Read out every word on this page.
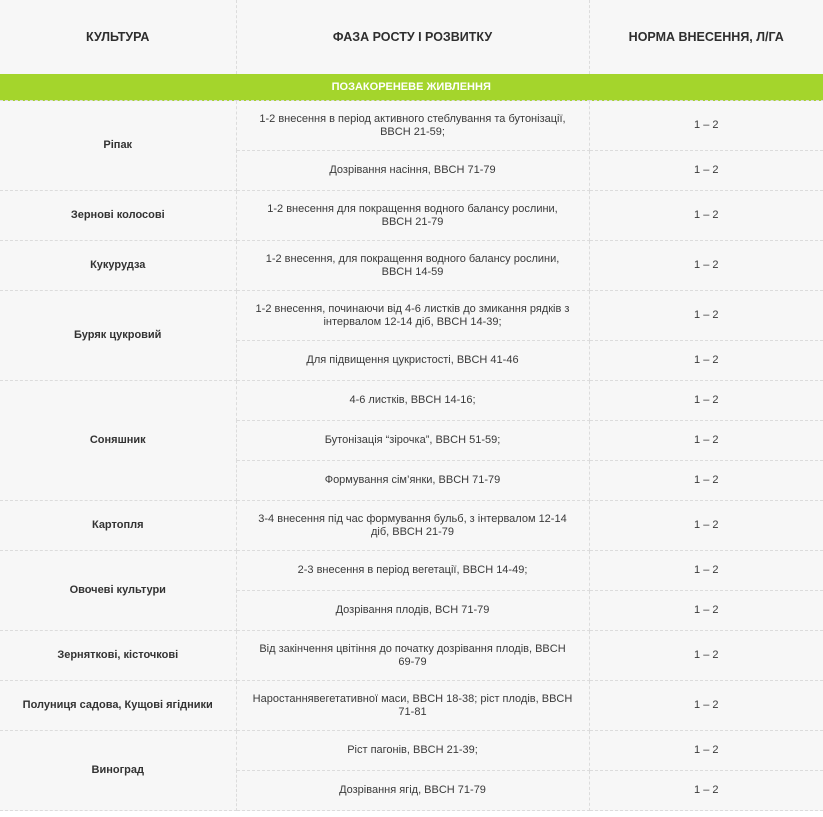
КУЛЬТУРА	ФАЗА РОСТУ І РОЗВИТКУ	НОРМА ВНЕСЕННЯ, Л/ГА
ПОЗАКОРЕНЕВЕ ЖИВЛЕННЯ		
Ріпак	1-2 внесення в період активного стеблування та бутонізації, BBCH 21-59;	1 – 2
	Дозрівання насіння, BBCH 71-79	1 – 2
Зернові колосові	1-2 внесення для покращення водного балансу рослини, BBCH 21-79	1 – 2
Кукурудза	1-2 внесення, для покращення водного балансу рослини, BBCH 14-59	1 – 2
Буряк цукровий	1-2 внесення, починаючи від 4-6 листків до змикання рядків з інтервалом 12-14 діб, BBCH 14-39;	1 – 2
	Для підвищення цукристості, BBCH 41-46	1 – 2
Соняшник	4-6 листків, BBCH 14-16;	1 – 2
	Бутонізація “зірочка”, BBCH 51-59;	1 – 2
	Формування сім’янки, BBCH 71-79	1 – 2
Картопля	3-4 внесення під час формування бульб, з інтервалом 12-14 діб, BBCH 21-79	1 – 2
Овочеві культури	2-3 внесення в період вегетації, BBCH 14-49;	1 – 2
	Дозрівання плодів, BCH 71-79	1 – 2
Зерняткові, кісточкові	Від закінчення цвітіння до початку дозрівання плодів, BBCH 69-79	1 – 2
Полуниця садова, Кущові ягідники	Наростаннявегетативної маси, BBCH 18-38; ріст плодів, BBCH 71-81	1 – 2
Виноград	Ріст пагонів, BBCH 21-39;	1 – 2
	Дозрівання ягід, BBCH 71-79	1 – 2
